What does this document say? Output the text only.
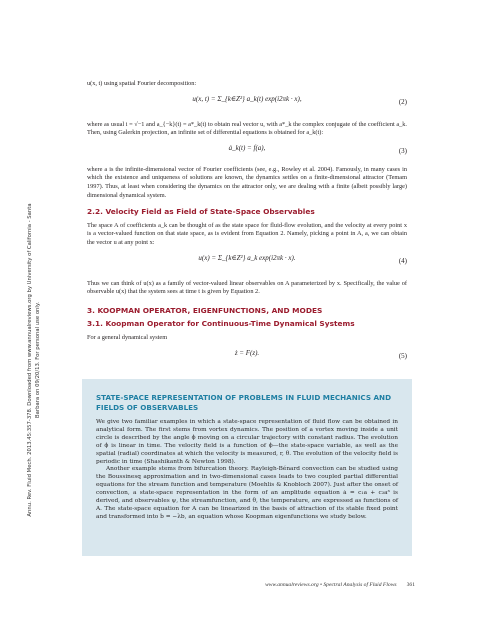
Annu. Rev. Fluid Mech. 2013.45:357-378. Downloaded from www.annualreviews.org by University of California - Santa Barbara on 09/20/13. For personal use only.

u(x, t) using spatial Fourier decomposition:

u(x, t) = Σ_{k∈Z²} a_k(t) exp(i2πk · x),	(2)

where as usual i = √−1 and a_{−k}(t) = a*_k(t) to obtain real vector u, with a*_k the complex conjugate of the coefficient a_k. Then, using Galerkin projection, an infinite set of differential equations is obtained for a_k(t):

ȧ_k(t) = f(a),	(3)

where a is the infinite-dimensional vector of Fourier coefficients (see, e.g., Rowley et al. 2004). Famously, in many cases in which the existence and uniqueness of solutions are known, the dynamics settles on a finite-dimensional attractor (Temam 1997). Thus, at least when considering the dynamics on the attractor only, we are dealing with a finite (albeit possibly large) dimensional dynamical system.

2.2. Velocity Field as Field of State-Space Observables

The space A of coefficients a_k can be thought of as the state space for fluid-flow evolution, and the velocity at every point x is a vector-valued function on that state space, as is evident from Equation 2. Namely, picking a point in A, a, we can obtain the vector u at any point x:

u(x) = Σ_{k∈Z²} a_k exp(i2πk · x).	(4)

Thus we can think of u(x) as a family of vector-valued linear observables on A parameterized by x. Specifically, the value of observable u(x) that the system sees at time t is given by Equation 2.

3. KOOPMAN OPERATOR, EIGENFUNCTIONS, AND MODES
3.1. Koopman Operator for Continuous-Time Dynamical Systems

For a general dynamical system

ż = F(z).	(5)
STATE-SPACE REPRESENTATION OF PROBLEMS IN FLUID MECHANICS AND FIELDS OF OBSERVABLES

We give two familiar examples in which a state-space representation of fluid flow can be obtained in analytical form. The first stems from vortex dynamics. The position of a vortex moving inside a unit circle is described by the angle ϕ moving on a circular trajectory with constant radius. The evolution of ϕ is linear in time. The velocity field is a function of ϕ—the state-space variable, as well as the spatial (radial) coordinates at which the velocity is measured, r, θ. The evolution of the velocity field is periodic in time (Shashikanth & Newton 1998).

Another example stems from bifurcation theory. Rayleigh-Bénard convection can be studied using the Boussinesq approximation and in two-dimensional cases leads to two coupled partial differential equations for the stream function and temperature (Moehlis & Knobloch 2007). Just after the onset of convection, a state-space representation in the form of an amplitude equation ȧ = c₁a + c₃a³ is derived, and observables ψ, the streamfunction, and θ, the temperature, are expressed as functions of A. The state-space equation for A can be linearized in the basis of attraction of its stable fixed point and transformed into ḃ = −λb, an equation whose Koopman eigenfunctions we study below.

www.annualreviews.org • Spectral Analysis of Fluid Flows 361
